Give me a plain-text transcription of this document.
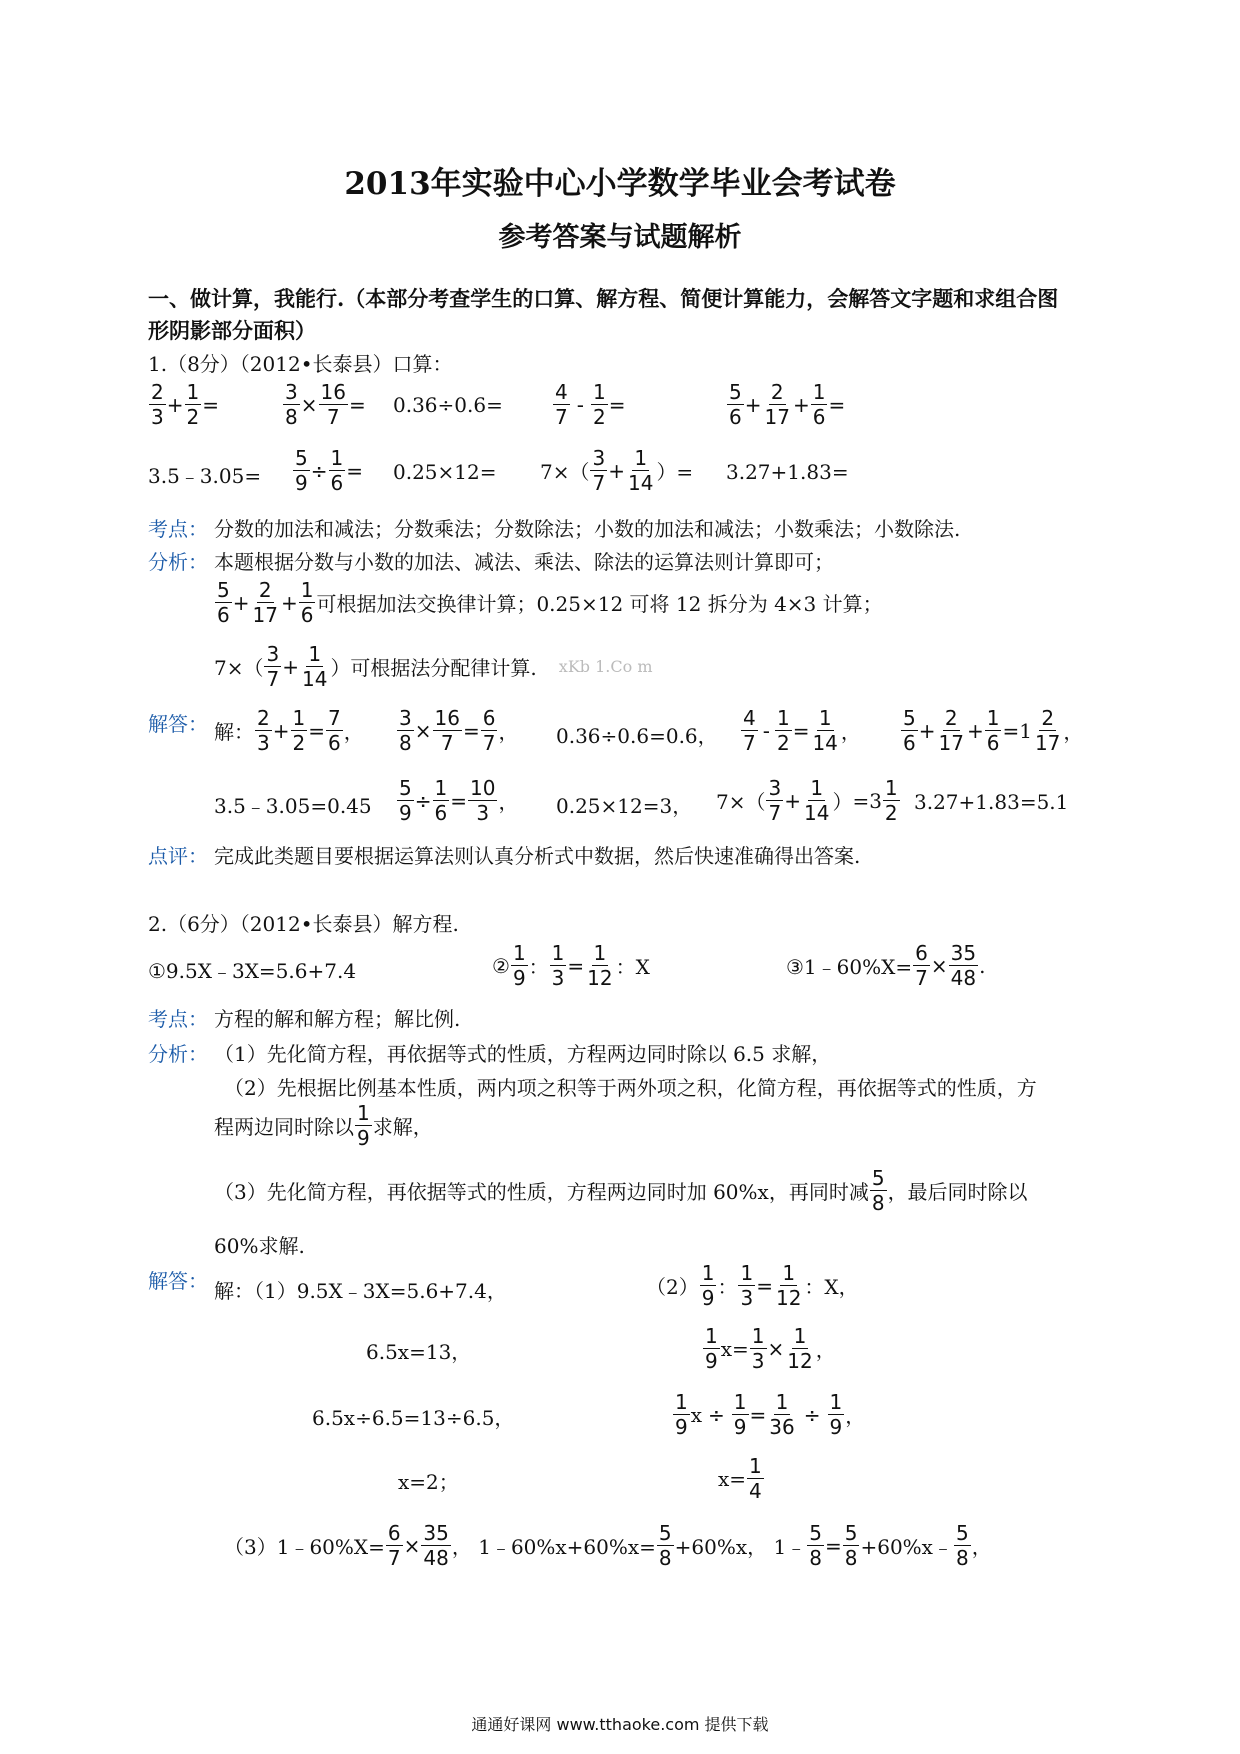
2013年实验中心小学数学毕业会考试卷
参考答案与试题解析
一、做计算，我能行.（本部分考查学生的口算、解方程、简便计算能力，会解答文字题和求组合图
形阴影部分面积）
1.（8分）（2012•长泰县）口算：
$\frac{2}{3} + \frac{1}{2}$ =	$\frac{3}{8} \times \frac{16}{7} = 0.36\div 0.6=$	$\frac{4}{7} - \frac{1}{2}$ =	$\frac{5}{6} + \frac{2}{17} + \frac{1}{6}$ =
3.5﹣3.05= $\frac{5}{9} \div \frac{1}{6} = 0.25\times 12= 7\times( \frac{3}{7} + \frac{1}{14}$ ）= 3.27+1.83=
考点： 分数的加法和减法；分数乘法；分数除法；小数的加法和减法；小数乘法；小数除法.
分析： 本题根据分数与小数的加法、减法、乘法、除法的运算法则计算即可；
$\frac{5}{6} + \frac{2}{17} + \frac{1}{6}$ 可根据加法交换律计算；0.25×12 可将 12 拆分为 4×3 计算；
$7\times( \frac{3}{7} + \frac{1}{14}$ ）可根据法分配律计算. xKb 1.Co m
解答： 解： $\frac{2}{3} + \frac{1}{2} = \frac{7}{6}$ ， $\frac{3}{8} \times \frac{16}{7} = \frac{6}{7}$ ， 0.36÷0.6=0.6， $\frac{4}{7} - \frac{1}{2} = \frac{1}{14}$ ， $\frac{5}{6} + \frac{2}{17} + \frac{1}{6} = 1 \frac{2}{17}$ ，
3.5﹣3.05=0.45 $\frac{5}{9} \div \frac{1}{6} = \frac{10}{3}$ ， 0.25×12=3， $7\times( \frac{3}{7} + \frac{1}{14}$ ） $=3 \frac{1}{2} 3.27+1.83=5.1$
点评： 完成此类题目要根据运算法则认真分析式中数据，然后快速准确得出答案.
2.（6分）（2012•长泰县）解方程.
①9.5X﹣3X=5.6+7.4	② $\frac{1}{9}$ ： $\frac{1}{3} = \frac{1}{12}$ ：X	③1﹣60%X= $\frac{6}{7} \times \frac{35}{48}$ .
考点： 方程的解和解方程；解比例.
分析： （1）先化简方程，再依据等式的性质，方程两边同时除以 6.5 求解，
（2）先根据比例基本性质，两内项之积等于两外项之积，化简方程，再依据等式的性质，方
程两边同时除以 $\frac{1}{9}$ 求解，
（3）先化简方程，再依据等式的性质，方程两边同时加 60%x，再同时减 $\frac{5}{8}$ ，最后同时除以
60%求解.
解答： 解：（1）9.5X﹣3X=5.6+7.4，
6.5x=13，
6.5x÷6.5=13÷6.5，
x=2；
$(2) \frac{1}{9}$ ： $\frac{1}{3} = \frac{1}{12}$ ：X，
$\frac{1}{9} x= \frac{1}{3} \times \frac{1}{12}$ ，
$\frac{1}{9}$ $x \div \frac{1}{9} = \frac{1}{36} \div \frac{1}{9}$ ，
$x= \frac{1}{4}$
（3）1﹣60%X= $\frac{6}{7} \times \frac{35}{48}$ ， 1﹣60%x+60%x= $\frac{5}{8} +60\%x$， 1﹣ $\frac{5}{8} = \frac{5}{8}$ +60%x﹣ $\frac{5}{8}$ ，
通通好课网 www.tthaoke.com 提供下载
